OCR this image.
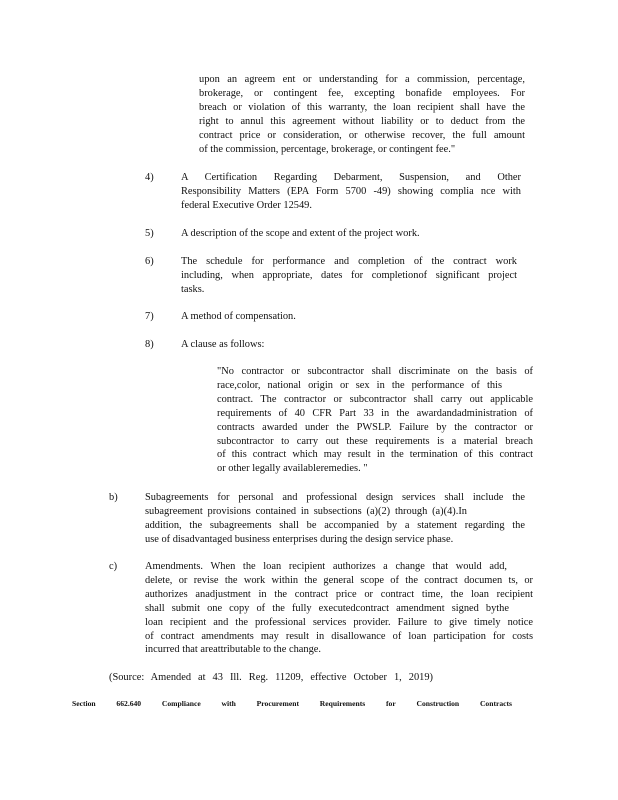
upon an agreem ent or understanding for a commission, percentage,
brokerage, or contingent fee, excepting bonafide employees. For
breach or violation of this warranty, the loan recipient shall have the
right to annul this agreement without liability or to deduct from the
contract price or consideration, or otherwise recover, the full amount
of the commission, percentage, brokerage, or contingent fee."
4)	A Certification Regarding Debarment, Suspension, and Other
Responsibility Matters (EPA Form 5700 -49) showing complia nce with
federal Executive Order 12549.
5)	A description of the scope and extent of the project work.
6)	The schedule for performance and completion of the contract work
including, when appropriate, dates for completionof significant project
tasks.
7)	A method of compensation.
8)	A clause as follows:
"No contractor or subcontractor shall discriminate on the basis of
race,color, national origin or sex in the performance of this
contract. The contractor or subcontractor shall carry out applicable
requirements of 40 CFR Part 33 in the awardandadministration of
contracts awarded under the PWSLP. Failure by the contractor or
subcontractor to carry out these requirements is a material breach
of this contract which may result in the termination of this contract
or other legally availableremedies. "
b)	Subagreements for personal and professional design services shall include the
subagreement provisions contained in subsections (a)(2) through (a)(4).In
addition, the subagreements shall be accompanied by a statement regarding the
use of disadvantaged business enterprises during the design service phase.
c)	Amendments. When the loan recipient authorizes a change that would add,
delete, or revise the work within the general scope of the contract documen ts, or
authorizes anadjustment in the contract price or contract time, the loan recipient
shall submit one copy of the fully executedcontract amendment signed bythe
loan recipient and the professional services provider. Failure to give timely notice
of contract amendments may result in disallowance of loan participation for costs
incurred that areattributable to the change.
(Source: Amended at 43 Ill. Reg. 11209, effective October 1, 2019)
Section	662.640	Compliance	with	Procurement	Requirements	for	Construction	Contracts
